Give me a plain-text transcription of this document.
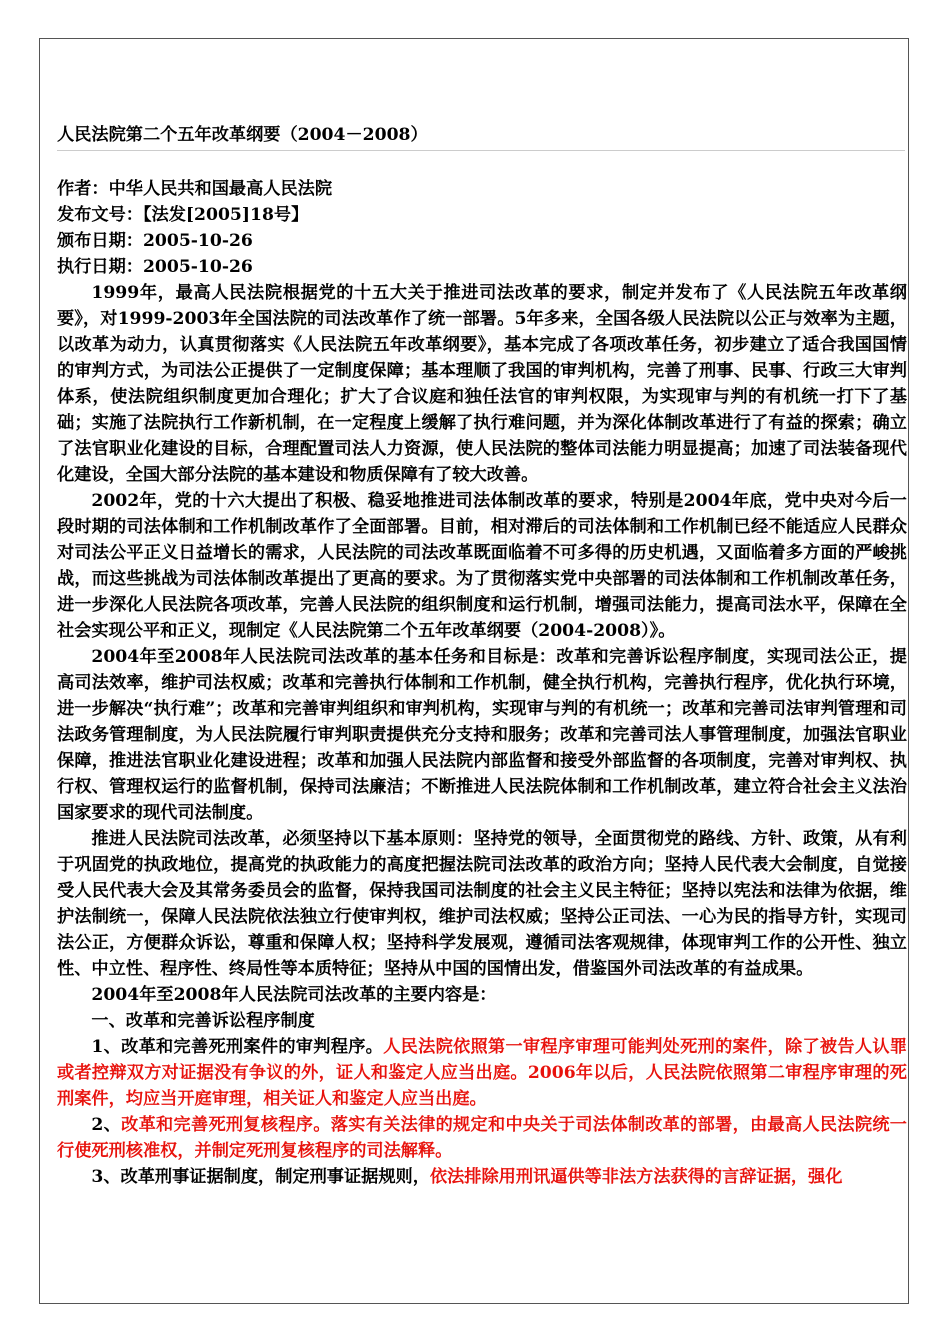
人民法院第二个五年改革纲要（2004－2008）
作者：中华人民共和国最高人民法院
发布文号：【法发[2005]18号】
颁布日期：2005-10-26
执行日期：2005-10-26

1999年，最高人民法院根据党的十五大关于推进司法改革的要求，制定并发布了《人民法院五年改革纲要》，对1999-2003年全国法院的司法改革作了统一部署。5年多来，全国各级人民法院以公正与效率为主题，以改革为动力，认真贯彻落实《人民法院五年改革纲要》，基本完成了各项改革任务，初步建立了适合我国国情的审判方式，为司法公正提供了一定制度保障；基本理顺了我国的审判机构，完善了刑事、民事、行政三大审判体系，使法院组织制度更加合理化；扩大了合议庭和独任法官的审判权限，为实现审与判的有机统一打下了基础；实施了法院执行工作新机制，在一定程度上缓解了执行难问题，并为深化体制改革进行了有益的探索；确立了法官职业化建设的目标，合理配置司法人力资源，使人民法院的整体司法能力明显提高；加速了司法装备现代化建设，全国大部分法院的基本建设和物质保障有了较大改善。

2002年，党的十六大提出了积极、稳妥地推进司法体制改革的要求，特别是2004年底，党中央对今后一段时期的司法体制和工作机制改革作了全面部署。目前，相对滞后的司法体制和工作机制已经不能适应人民群众对司法公平正义日益增长的需求，人民法院的司法改革既面临着不可多得的历史机遇，又面临着多方面的严峻挑战，而这些挑战为司法体制改革提出了更高的要求。为了贯彻落实党中央部署的司法体制和工作机制改革任务，进一步深化人民法院各项改革，完善人民法院的组织制度和运行机制，增强司法能力，提高司法水平，保障在全社会实现公平和正义，现制定《人民法院第二个五年改革纲要（2004-2008）》。

2004年至2008年人民法院司法改革的基本任务和目标是：改革和完善诉讼程序制度，实现司法公正，提高司法效率，维护司法权威；改革和完善执行体制和工作机制，健全执行机构，完善执行程序，优化执行环境，进一步解决“执行难”；改革和完善审判组织和审判机构，实现审与判的有机统一；改革和完善司法审判管理和司法政务管理制度，为人民法院履行审判职责提供充分支持和服务；改革和完善司法人事管理制度，加强法官职业保障，推进法官职业化建设进程；改革和加强人民法院内部监督和接受外部监督的各项制度，完善对审判权、执行权、管理权运行的监督机制，保持司法廉洁；不断推进人民法院体制和工作机制改革，建立符合社会主义法治国家要求的现代司法制度。

推进人民法院司法改革，必须坚持以下基本原则：坚持党的领导，全面贯彻党的路线、方针、政策，从有利于巩固党的执政地位，提高党的执政能力的高度把握法院司法改革的政治方向；坚持人民代表大会制度，自觉接受人民代表大会及其常务委员会的监督，保持我国司法制度的社会主义民主特征；坚持以宪法和法律为依据，维护法制统一，保障人民法院依法独立行使审判权，维护司法权威；坚持公正司法、一心为民的指导方针，实现司法公正，方便群众诉讼，尊重和保障人权；坚持科学发展观，遵循司法客观规律，体现审判工作的公开性、独立性、中立性、程序性、终局性等本质特征；坚持从中国的国情出发，借鉴国外司法改革的有益成果。

2004年至2008年人民法院司法改革的主要内容是：

一、改革和完善诉讼程序制度

1、改革和完善死刑案件的审判程序。人民法院依照第一审程序审理可能判处死刑的案件，除了被告人认罪或者控辩双方对证据没有争议的外，证人和鉴定人应当出庭。2006年以后，人民法院依照第二审程序审理的死刑案件，均应当开庭审理，相关证人和鉴定人应当出庭。

2、改革和完善死刑复核程序。落实有关法律的规定和中央关于司法体制改革的部署，由最高人民法院统一行使死刑核准权，并制定死刑复核程序的司法解释。

3、改革刑事证据制度，制定刑事证据规则，依法排除用刑讯逼供等非法方法获得的言辞证据，强化
